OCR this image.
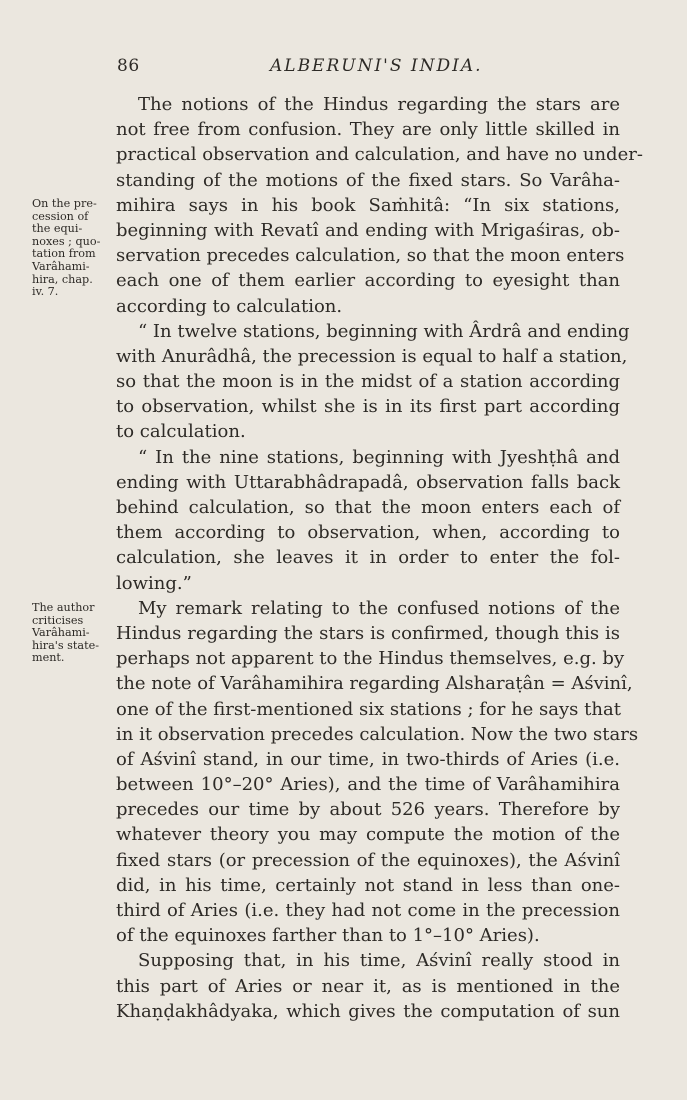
86	ALBERUNI'S INDIA.
On the pre-
cession of
the equi-
noxes ; quo-
tation from
Varâhami-
hira, chap.
iv. 7.
The author
criticises
Varâhami-
hira's state-
ment.
The notions of the Hindus regarding the stars are
not free from confusion. They are only little skilled in
practical observation and calculation, and have no under-
standing of the motions of the fixed stars. So Varâha-
mihira says in his book Saṁhitâ: “In six stations,
beginning with Revatî and ending with Mrigaśiras, ob-
servation precedes calculation, so that the moon enters
each one of them earlier according to eyesight than
according to calculation.
“ In twelve stations, beginning with Ârdrâ and ending
with Anurâdhâ, the precession is equal to half a station,
so that the moon is in the midst of a station according
to observation, whilst she is in its first part according
to calculation.
“ In the nine stations, beginning with Jyeshṭhâ and
ending with Uttarabhâdrapadâ, observation falls back
behind calculation, so that the moon enters each of
them according to observation, when, according to
calculation, she leaves it in order to enter the fol-
lowing.”
My remark relating to the confused notions of the
Hindus regarding the stars is confirmed, though this is
perhaps not apparent to the Hindus themselves, e.g. by
the note of Varâhamihira regarding Alsharaṭân = Aśvinî,
one of the first-mentioned six stations ; for he says that
in it observation precedes calculation. Now the two stars
of Aśvinî stand, in our time, in two-thirds of Aries (i.e.
between 10°–20° Aries), and the time of Varâhamihira
precedes our time by about 526 years. Therefore by
whatever theory you may compute the motion of the
fixed stars (or precession of the equinoxes), the Aśvinî
did, in his time, certainly not stand in less than one-
third of Aries (i.e. they had not come in the precession
of the equinoxes farther than to 1°–10° Aries).
Supposing that, in his time, Aśvinî really stood in
this part of Aries or near it, as is mentioned in the
Khaṇḍakhâdyaka, which gives the computation of sun
